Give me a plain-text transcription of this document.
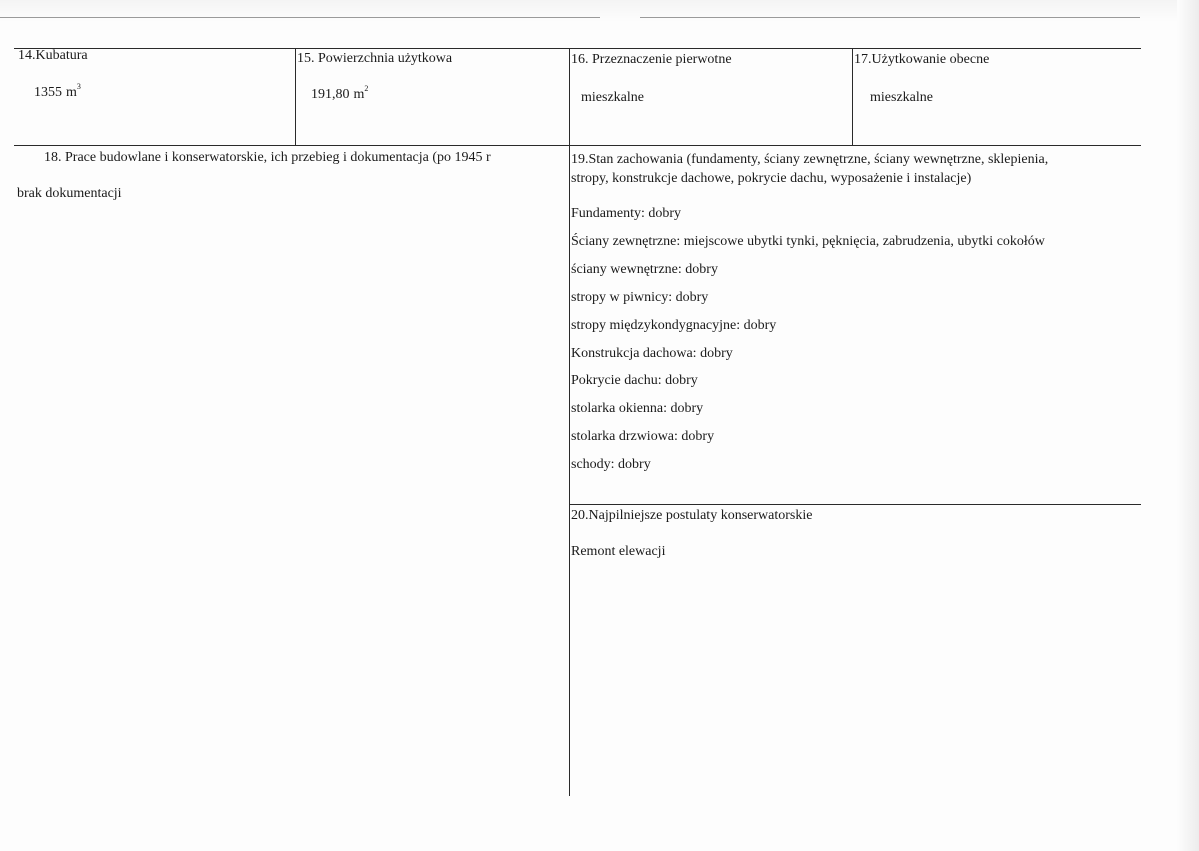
14.Kubatura
1355 $m^3$
15. Powierzchnia użytkowa
191,80 $m^2$
16. Przeznaczenie pierwotne
mieszkalne
17.Użytkowanie obecne
mieszkalne
18. Prace budowlane i konserwatorskie, ich przebieg i dokumentacja (po 1945 r
brak dokumentacji
19.Stan zachowania (fundamenty, ściany zewnętrzne, ściany wewnętrzne, sklepienia,
stropy, konstrukcje dachowe, pokrycie dachu, wyposażenie i instalacje)
Fundamenty: dobry
Ściany zewnętrzne: miejscowe ubytki tynki, pęknięcia, zabrudzenia, ubytki cokołów
ściany wewnętrzne: dobry
stropy w piwnicy: dobry
stropy międzykondygnacyjne: dobry
Konstrukcja dachowa: dobry
Pokrycie dachu: dobry
stolarka okienna: dobry
stolarka drzwiowa: dobry
schody: dobry
20.Najpilniejsze postulaty konserwatorskie
Remont elewacji
